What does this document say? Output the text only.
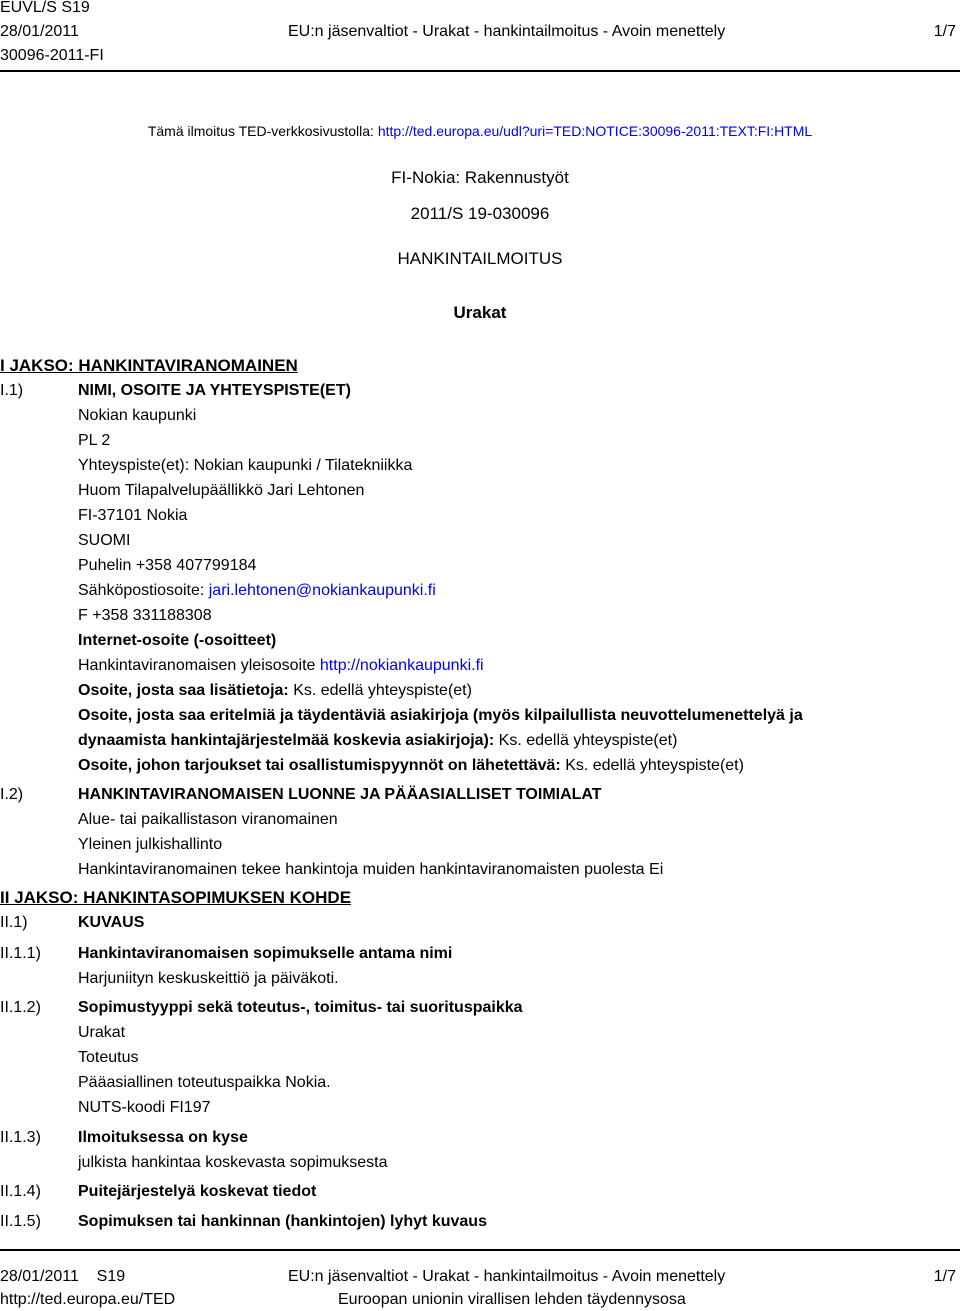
EUVL/S S19
28/01/2011
30096-2011-FI
EU:n jäsenvaltiot - Urakat - hankintailmoitus - Avoin menettely	1/7
Tämä ilmoitus TED-verkkosivustolla: http://ted.europa.eu/udl?uri=TED:NOTICE:30096-2011:TEXT:FI:HTML
FI-Nokia: Rakennustyöt
2011/S 19-030096
HANKINTAILMOITUS
Urakat
I JAKSO: HANKINTAVIRANOMAINEN
I.1)	NIMI, OSOITE JA YHTEYSPISTE(ET)
Nokian kaupunki
PL 2
Yhteyspiste(et): Nokian kaupunki / Tilatekniikka
Huom Tilapalvelupäällikkö Jari Lehtonen
FI-37101 Nokia
SUOMI
Puhelin +358 407799184
Sähköpostiosoite: jari.lehtonen@nokiankaupunki.fi
F +358 331188308
Internet-osoite (-osoitteet)
Hankintaviranomaisen yleisosoite http://nokiankaupunki.fi
Osoite, josta saa lisätietoja: Ks. edellä yhteyspiste(et)
Osoite, josta saa eritelmiä ja täydentäviä asiakirjoja (myös kilpailullista neuvottelumenettelyä ja
dynaamista hankintajärjestelmää koskevia asiakirjoja): Ks. edellä yhteyspiste(et)
Osoite, johon tarjoukset tai osallistumispyynnöt on lähetettävä: Ks. edellä yhteyspiste(et)
I.2)	HANKINTAVIRANOMAISEN LUONNE JA PÄÄASIALLISET TOIMIALAT
Alue- tai paikallistason viranomainen
Yleinen julkishallinto
Hankintaviranomainen tekee hankintoja muiden hankintaviranomaisten puolesta Ei
II JAKSO: HANKINTASOPIMUKSEN KOHDE
II.1)	KUVAUS
II.1.1) Hankintaviranomaisen sopimukselle antama nimi
Harjuniityn keskuskeittiö ja päiväkoti.
II.1.2) Sopimustyyppi sekä toteutus-, toimitus- tai suorituspaikka
Urakat
Toteutus
Pääasiallinen toteutuspaikka Nokia.
NUTS-koodi FI197
II.1.3) Ilmoituksessa on kyse
julkista hankintaa koskevasta sopimuksesta
II.1.4) Puitejärjestelyä koskevat tiedot
II.1.5) Sopimuksen tai hankinnan (hankintojen) lyhyt kuvaus
28/01/2011    S19	EU:n jäsenvaltiot - Urakat - hankintailmoitus - Avoin menettely	1/7
http://ted.europa.eu/TED	Euroopan unionin virallisen lehden täydennysosa
